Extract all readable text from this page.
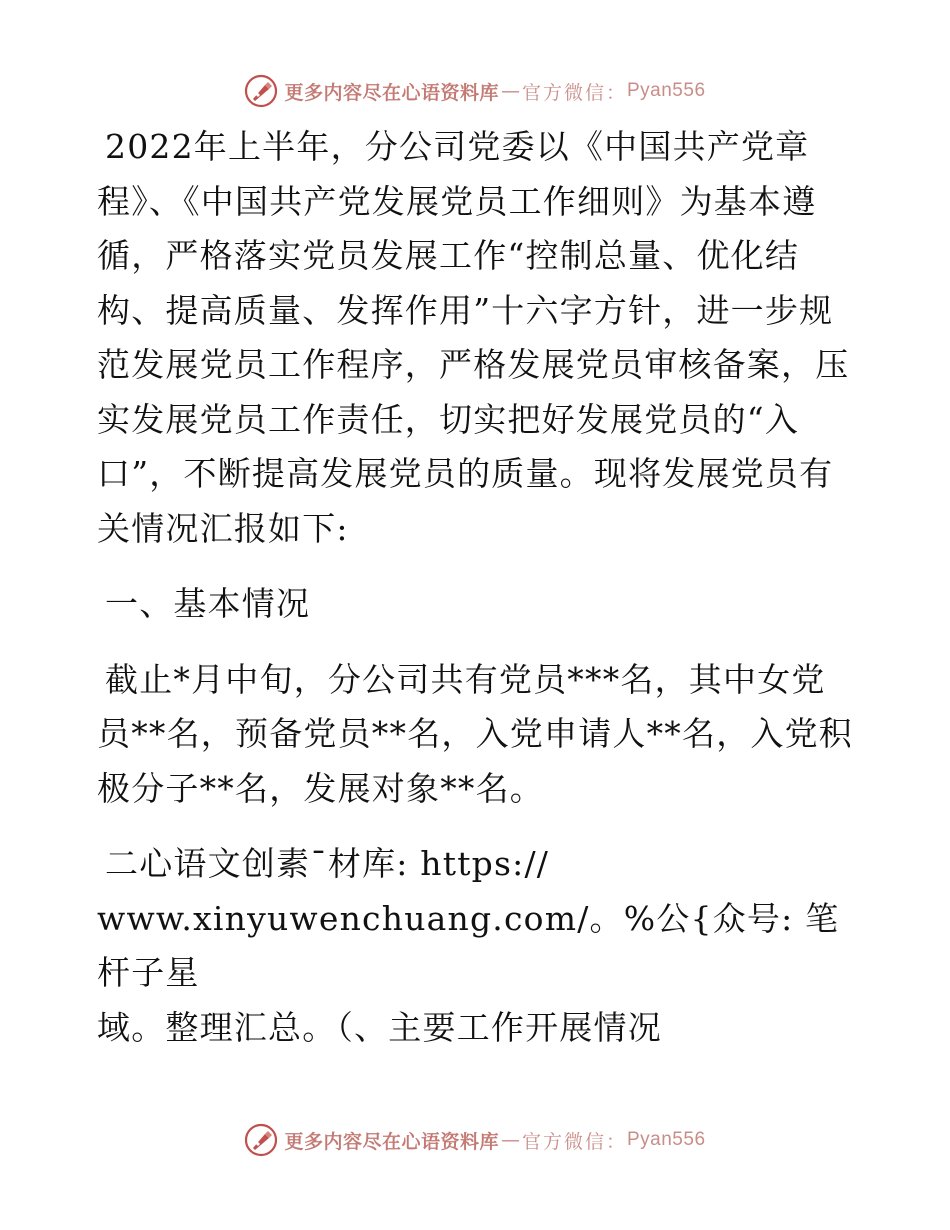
更多内容尽在心语资料库 — 官方微信： Pyan556

2022年上半年，分公司党委以《中国共产党章

程》、《中国共产党发展党员工作细则》为基本遵

循，严格落实党员发展工作“控制总量、优化结

构、提高质量、发挥作用”十六字方针，进一步规

范发展党员工作程序，严格发展党员审核备案，压

实发展党员工作责任，切实把好发展党员的“入

口”，不断提高发展党员的质量。现将发展党员有

关情况汇报如下:

一、基本情况

截止*月中旬，分公司共有党员***名，其中女党

员**名，预备党员**名，入党申请人**名，入党积

极分子**名，发展对象**名。

二心语文创素¯材库: https://

www.xinyuwenchuang.com/。%公{众号: 笔杆子星

域。整理汇总。（、主要工作开展情况

更多内容尽在心语资料库 — 官方微信： Pyan556
